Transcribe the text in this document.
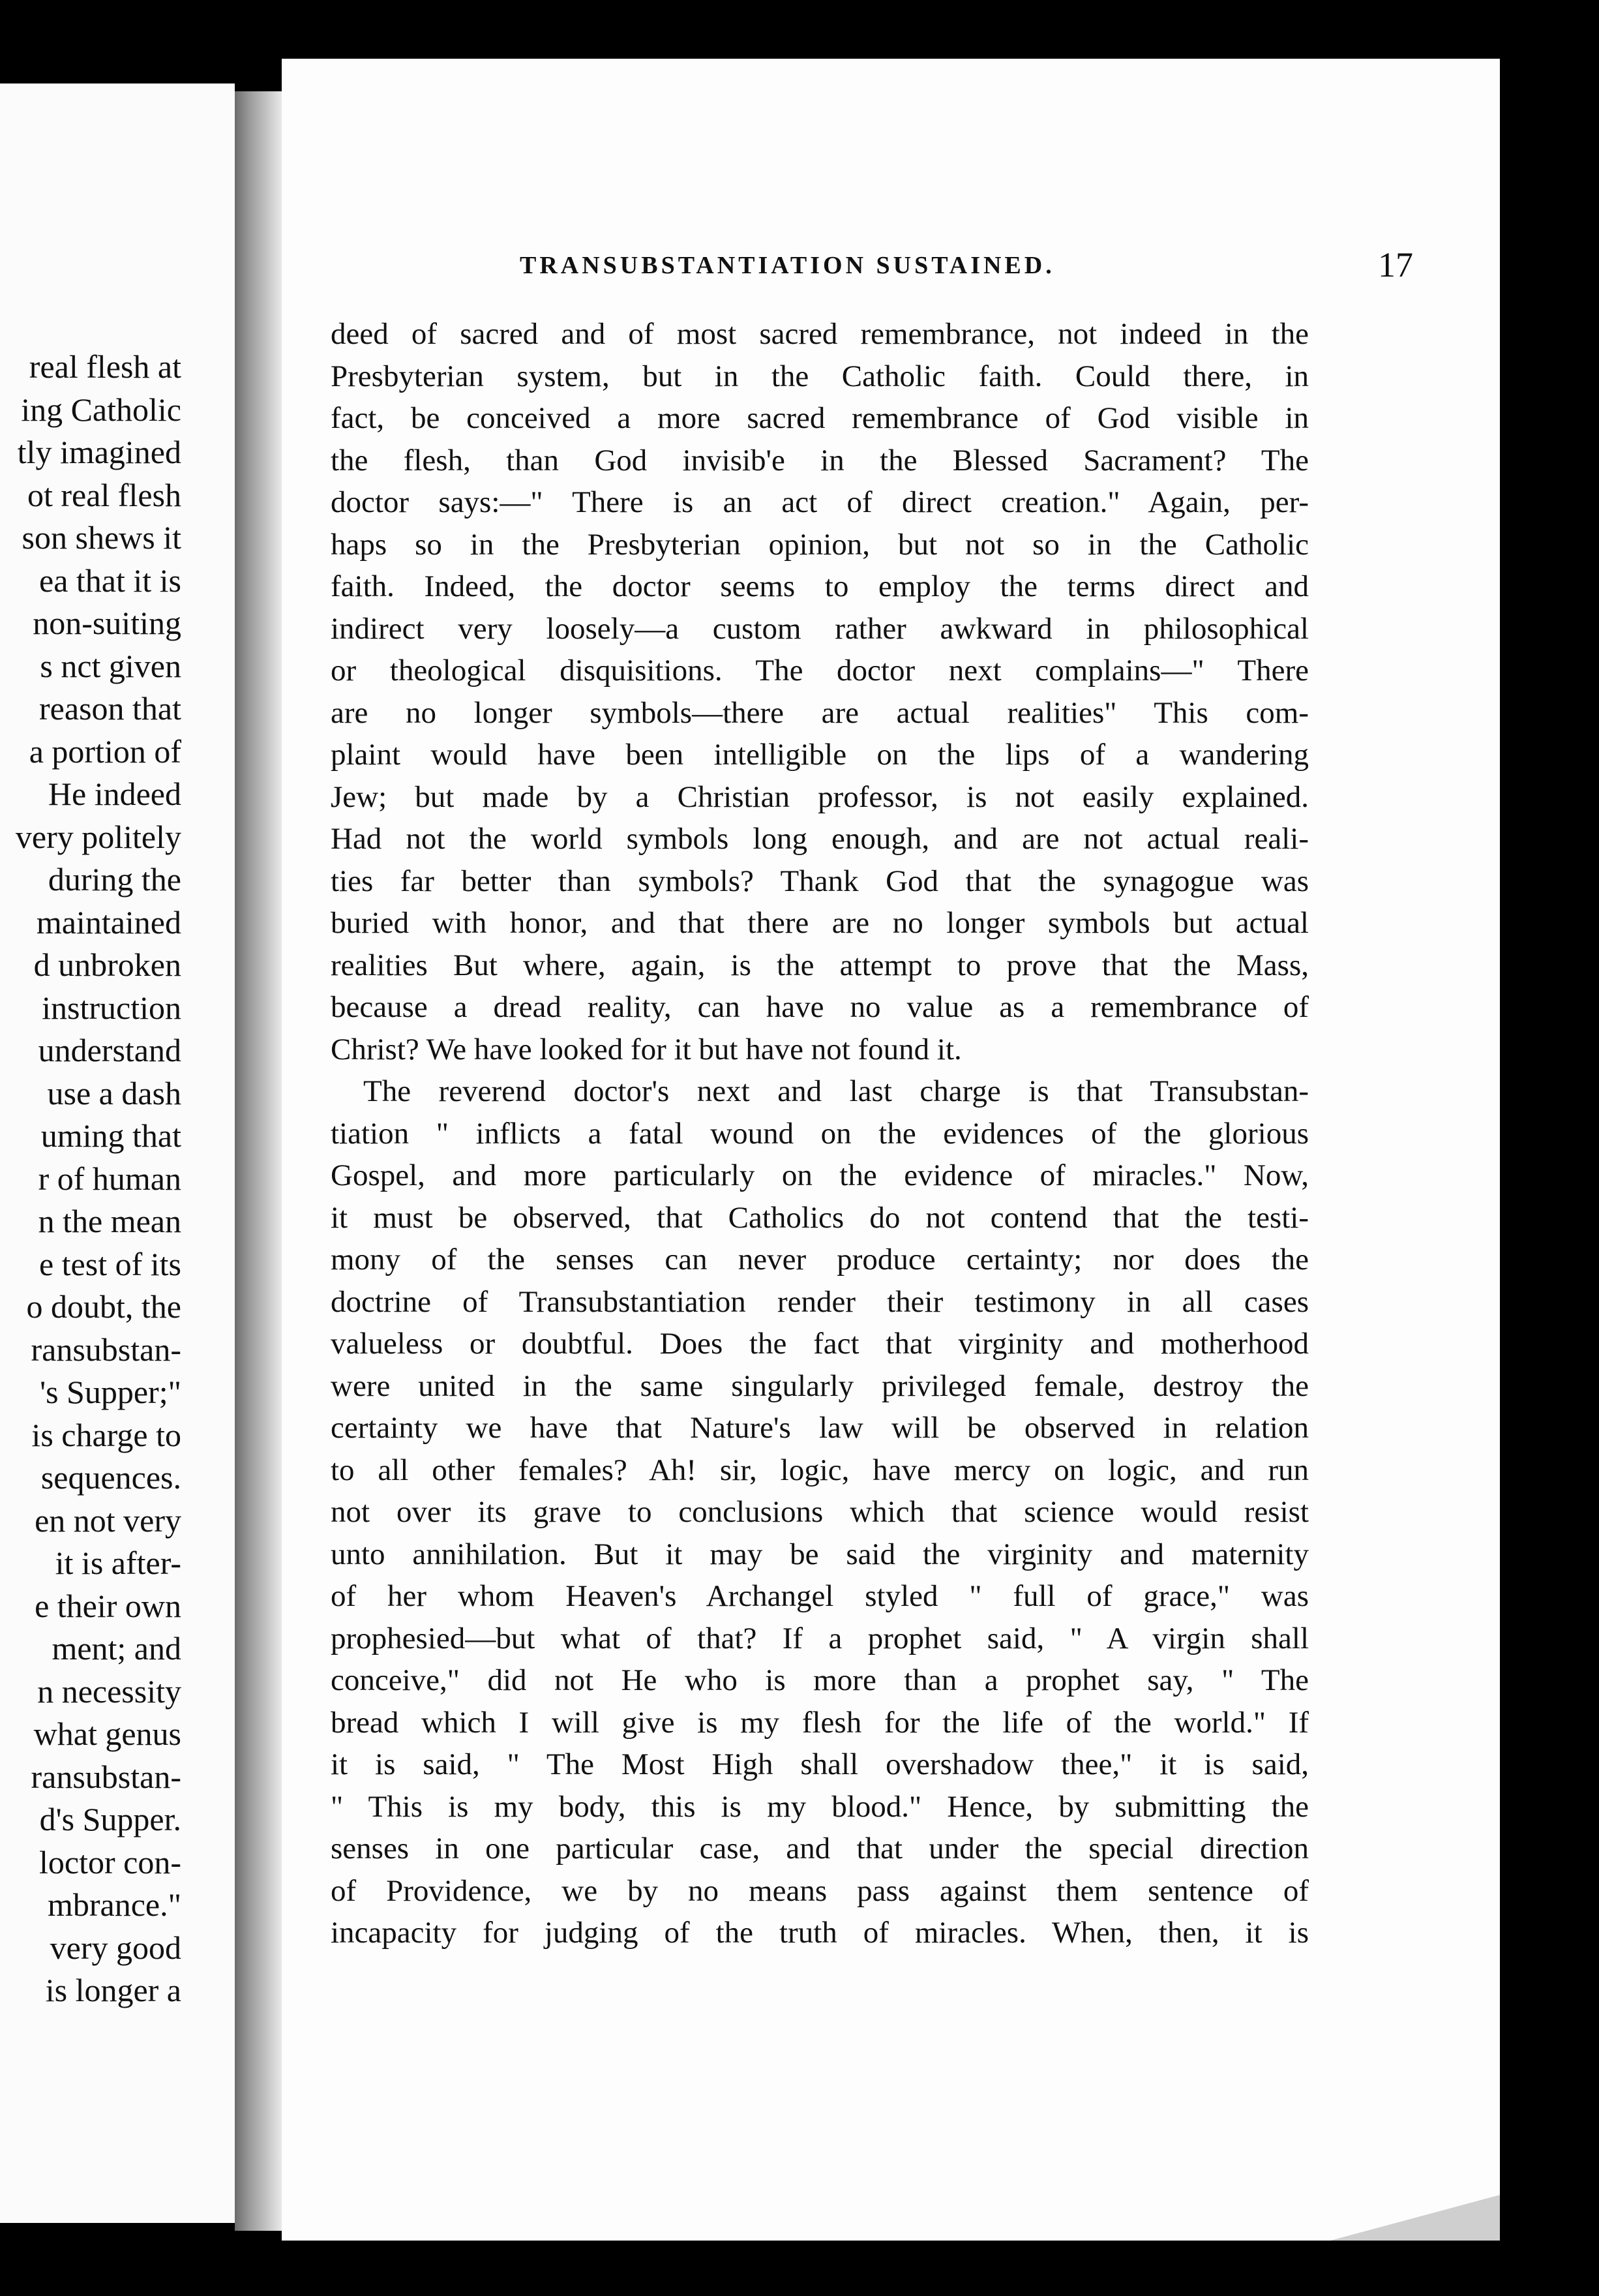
real flesh at
ing Catholic
tly imagined
ot real flesh
son shews it
ea that it is
non-suiting
s nct given
reason that
a portion of
He indeed
very politely
during the
maintained
d unbroken
instruction
understand
use a dash
uming that
r of human
n the mean
e test of its
o doubt, the
ransubstan-
's Supper;"
is charge to
sequences.
en not very
it is after-
e their own
ment; and
n necessity
what genus
ransubstan-
d's Supper.
loctor con-
mbrance."
very good
is longer a
TRANSUBSTANTIATION SUSTAINED.	17
deed of sacred and of most sacred remembrance, not indeed in the
Presbyterian system, but in the Catholic faith. Could there, in
fact, be conceived a more sacred remembrance of God visible in
the flesh, than God invisib'e in the Blessed Sacrament? The
doctor says:—" There is an act of direct creation." Again, per-
haps so in the Presbyterian opinion, but not so in the Catholic
faith. Indeed, the doctor seems to employ the terms direct and
indirect very loosely—a custom rather awkward in philosophical
or theological disquisitions. The doctor next complains—" There
are no longer symbols—there are actual realities" This com-
plaint would have been intelligible on the lips of a wandering
Jew; but made by a Christian professor, is not easily explained.
Had not the world symbols long enough, and are not actual reali-
ties far better than symbols? Thank God that the synagogue was
buried with honor, and that there are no longer symbols but actual
realities But where, again, is the attempt to prove that the Mass,
because a dread reality, can have no value as a remembrance of
Christ? We have looked for it but have not found it.
The reverend doctor's next and last charge is that Transubstan-
tiation " inflicts a fatal wound on the evidences of the glorious
Gospel, and more particularly on the evidence of miracles." Now,
it must be observed, that Catholics do not contend that the testi-
mony of the senses can never produce certainty; nor does the
doctrine of Transubstantiation render their testimony in all cases
valueless or doubtful. Does the fact that virginity and motherhood
were united in the same singularly privileged female, destroy the
certainty we have that Nature's law will be observed in relation
to all other females? Ah! sir, logic, have mercy on logic, and run
not over its grave to conclusions which that science would resist
unto annihilation. But it may be said the virginity and maternity
of her whom Heaven's Archangel styled " full of grace," was
prophesied—but what of that? If a prophet said, " A virgin shall
conceive," did not He who is more than a prophet say, " The
bread which I will give is my flesh for the life of the world." If
it is said, " The Most High shall overshadow thee," it is said,
" This is my body, this is my blood." Hence, by submitting the
senses in one particular case, and that under the special direction
of Providence, we by no means pass against them sentence of
incapacity for judging of the truth of miracles. When, then, it is
